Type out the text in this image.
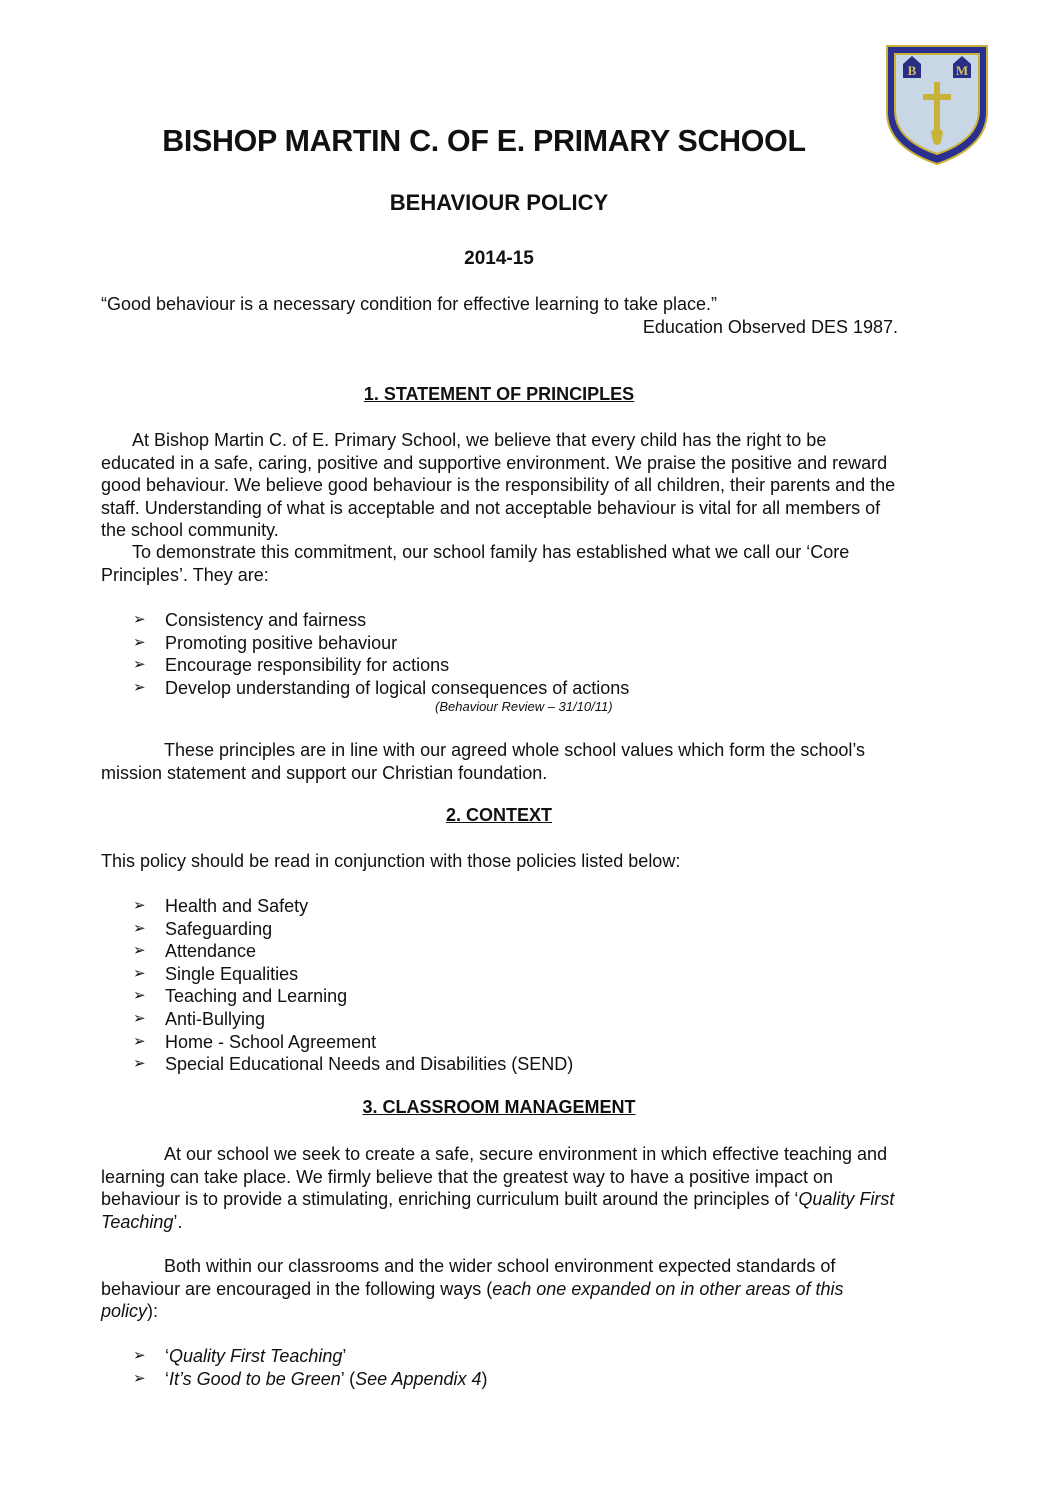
B	M
BISHOP MARTIN C. OF E. PRIMARY SCHOOL
BEHAVIOUR POLICY
2014-15
“Good behaviour is a necessary condition for effective learning to take place.”
Education Observed DES 1987.
1. STATEMENT OF PRINCIPLES
At Bishop Martin C. of E. Primary School, we believe that every child has the right to be educated in a safe, caring, positive and supportive environment. We praise the positive and reward good behaviour. We believe good behaviour is the responsibility of all children, their parents and the staff. Understanding of what is acceptable and not acceptable behaviour is vital for all members of the school community.
To demonstrate this commitment, our school family has established what we call our ‘Core Principles’. They are:
➢ Consistency and fairness
➢ Promoting positive behaviour
➢ Encourage responsibility for actions
➢ Develop understanding of logical consequences of actions
(Behaviour Review – 31/10/11)
These principles are in line with our agreed whole school values which form the school’s mission statement and support our Christian foundation.
2. CONTEXT
This policy should be read in conjunction with those policies listed below:
➢ Health and Safety
➢ Safeguarding
➢ Attendance
➢ Single Equalities
➢ Teaching and Learning
➢ Anti-Bullying
➢ Home - School Agreement
➢ Special Educational Needs and Disabilities (SEND)
3. CLASSROOM MANAGEMENT
At our school we seek to create a safe, secure environment in which effective teaching and learning can take place. We firmly believe that the greatest way to have a positive impact on behaviour is to provide a stimulating, enriching curriculum built around the principles of ‘Quality First Teaching’.
Both within our classrooms and the wider school environment expected standards of behaviour are encouraged in the following ways (each one expanded on in other areas of this policy):
➢ ‘Quality First Teaching’
➢ ‘It’s Good to be Green’ (See Appendix 4)
